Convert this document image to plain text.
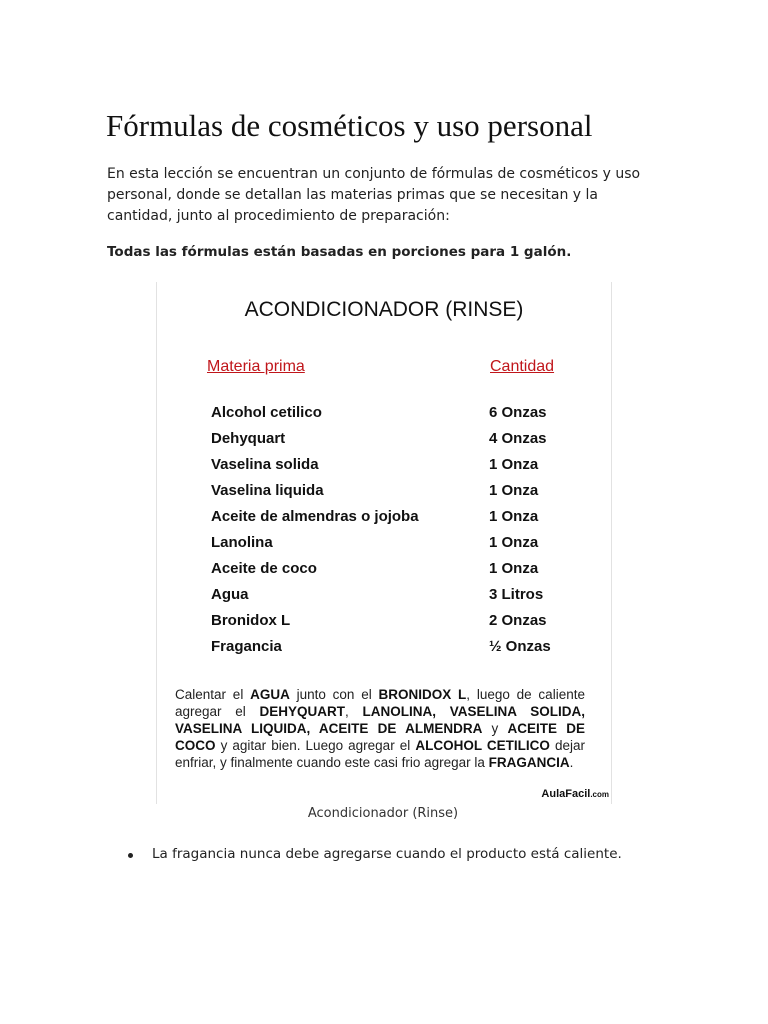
Fórmulas de cosméticos y uso personal

En esta lección se encuentran un conjunto de fórmulas de cosméticos y uso personal, donde se detallan las materias primas que se necesitan y la cantidad, junto al procedimiento de preparación:

Todas las fórmulas están basadas en porciones para 1 galón.

ACONDICIONADOR (RINSE)
Materia prima	Cantidad
Alcohol cetilico	6 Onzas
Dehyquart	4 Onzas
Vaselina solida	1 Onza
Vaselina liquida	1 Onza
Aceite de almendras o jojoba	1 Onza
Lanolina	1 Onza
Aceite de coco	1 Onza
Agua	3 Litros
Bronidox L	2 Onzas
Fragancia	½ Onzas

Calentar el AGUA junto con el BRONIDOX L, luego de caliente agregar el DEHYQUART, LANOLINA, VASELINA SOLIDA, VASELINA LIQUIDA, ACEITE DE ALMENDRA y ACEITE DE COCO y agitar bien. Luego agregar el ALCOHOL CETILICO dejar enfriar, y finalmente cuando este casi frio agregar la FRAGANCIA.

AulaFacil.com

Acondicionador (Rinse)

La fragancia nunca debe agregarse cuando el producto está caliente.
